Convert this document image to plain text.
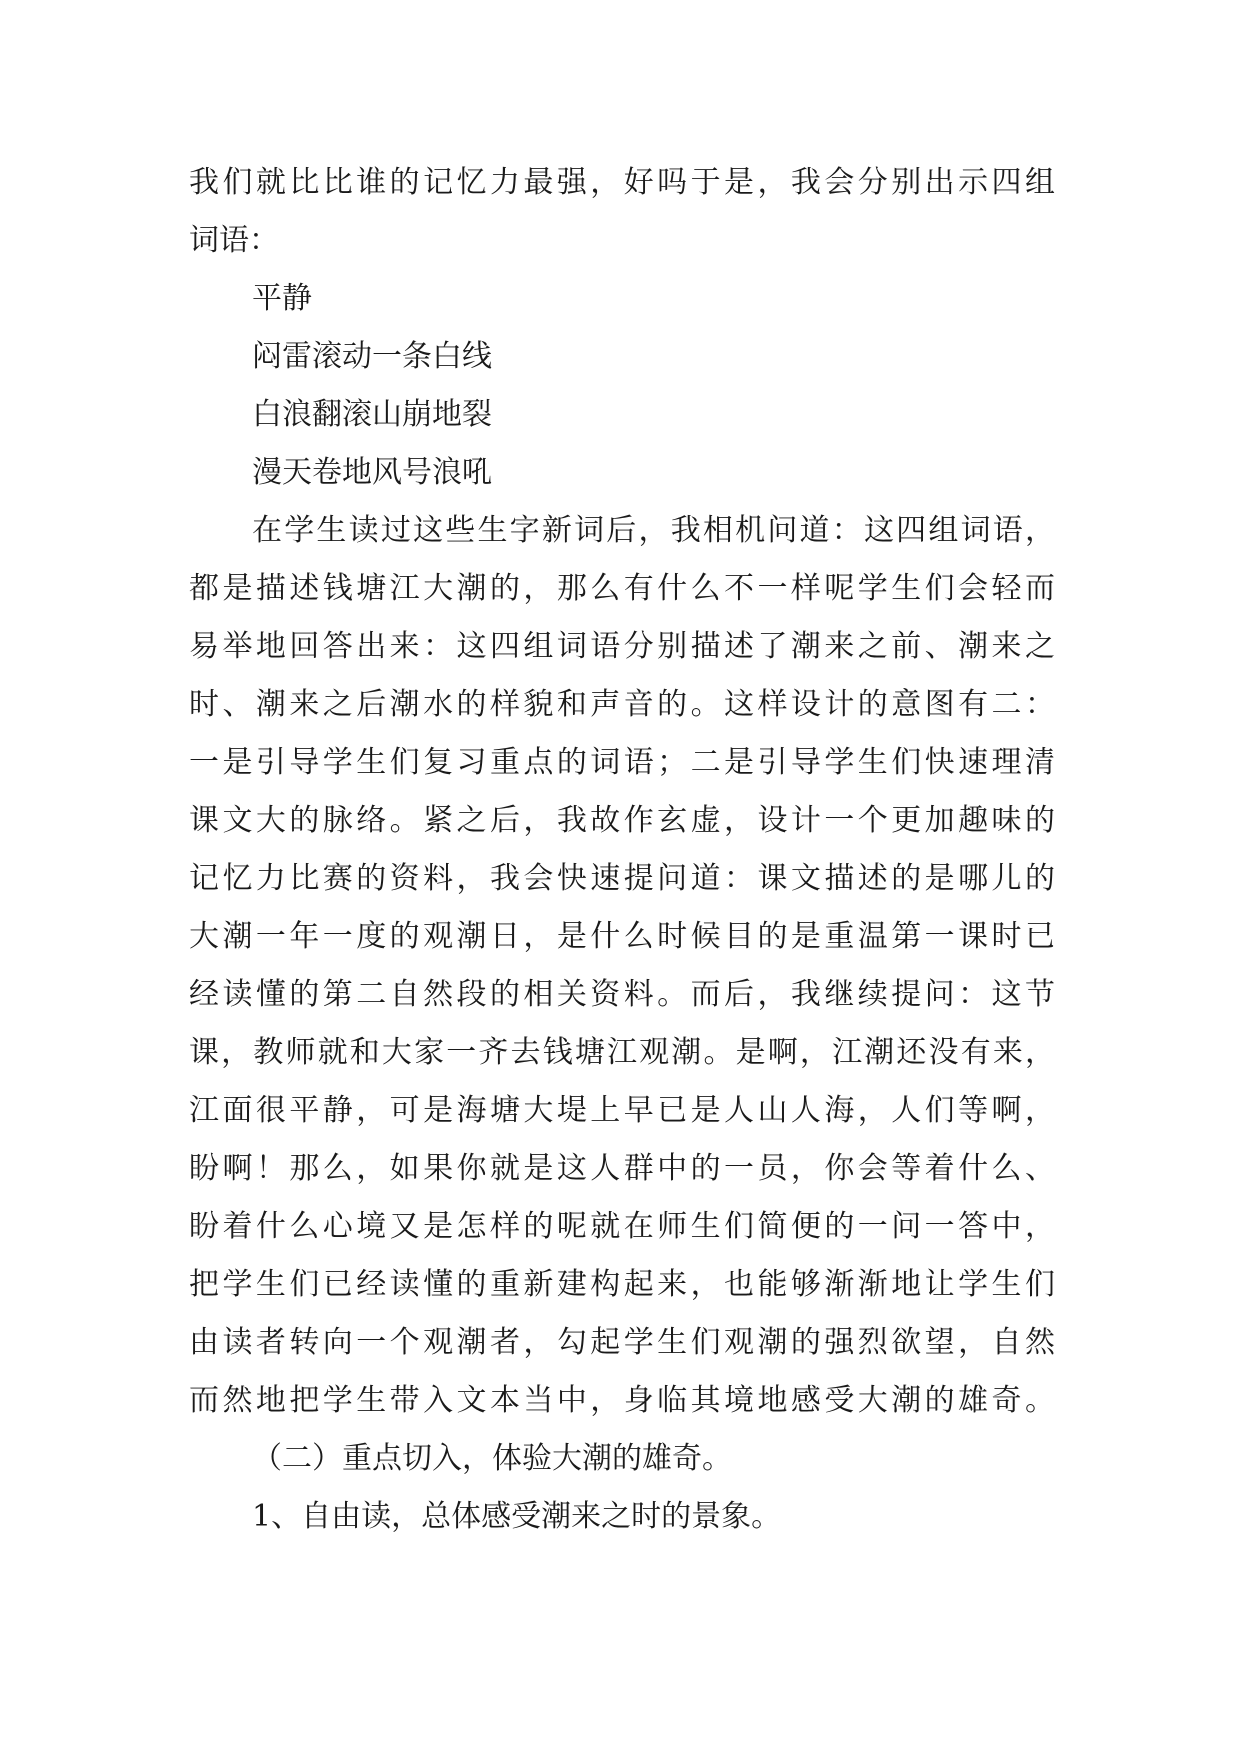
我们就比比谁的记忆力最强，好吗于是，我会分别出示四组

词语：

平静

闷雷滚动一条白线

白浪翻滚山崩地裂

漫天卷地风号浪吼

在学生读过这些生字新词后，我相机问道：这四组词语，

都是描述钱塘江大潮的，那么有什么不一样呢学生们会轻而

易举地回答出来：这四组词语分别描述了潮来之前、潮来之

时、潮来之后潮水的样貌和声音的。这样设计的意图有二：

一是引导学生们复习重点的词语；二是引导学生们快速理清

课文大的脉络。紧之后，我故作玄虚，设计一个更加趣味的

记忆力比赛的资料，我会快速提问道：课文描述的是哪儿的

大潮一年一度的观潮日，是什么时候目的是重温第一课时已

经读懂的第二自然段的相关资料。而后，我继续提问：这节

课，教师就和大家一齐去钱塘江观潮。是啊，江潮还没有来，

江面很平静，可是海塘大堤上早已是人山人海，人们等啊，

盼啊！那么，如果你就是这人群中的一员，你会等着什么、

盼着什么心境又是怎样的呢就在师生们简便的一问一答中，

把学生们已经读懂的重新建构起来，也能够渐渐地让学生们

由读者转向一个观潮者，勾起学生们观潮的强烈欲望，自然

而然地把学生带入文本当中，身临其境地感受大潮的雄奇。

（二）重点切入，体验大潮的雄奇。

1、自由读，总体感受潮来之时的景象。
